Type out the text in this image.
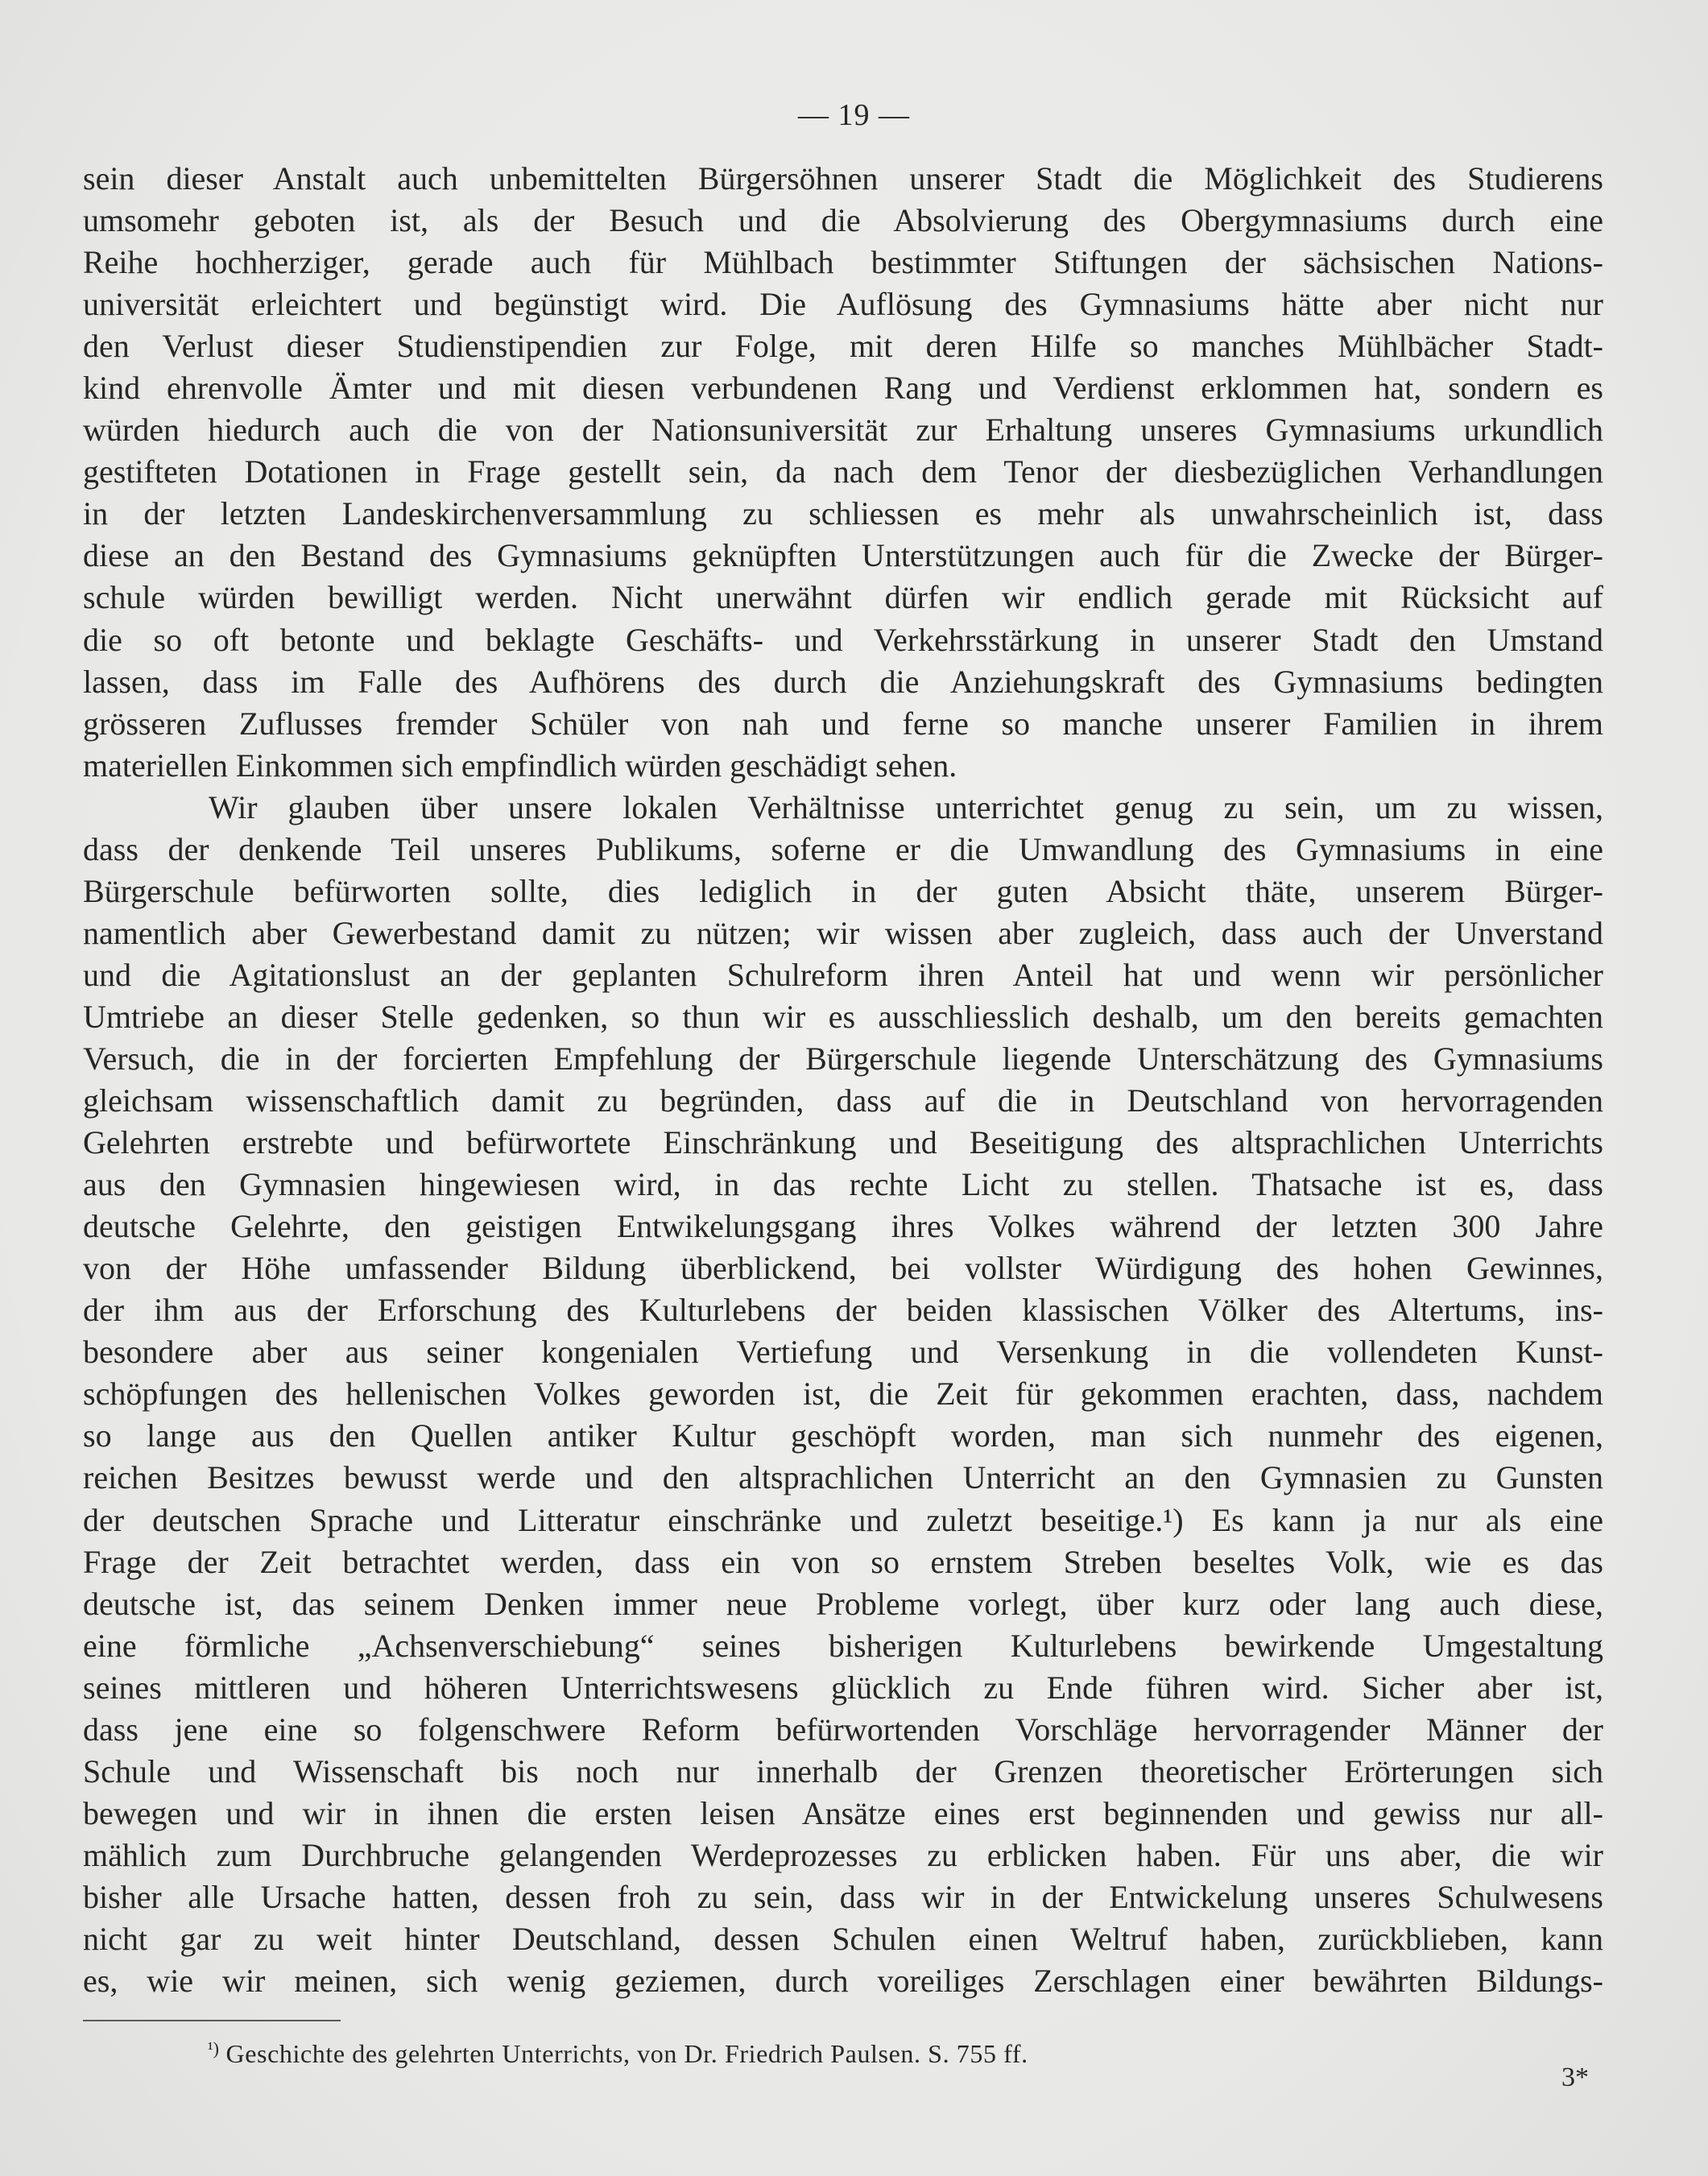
— 19 —
sein dieser Anstalt auch unbemittelten Bürgersöhnen unserer Stadt die Möglichkeit des Studierens
umsomehr geboten ist, als der Besuch und die Absolvierung des Obergymnasiums durch eine
Reihe hochherziger, gerade auch für Mühlbach bestimmter Stiftungen der sächsischen Nations-
universität erleichtert und begünstigt wird. Die Auflösung des Gymnasiums hätte aber nicht nur
den Verlust dieser Studienstipendien zur Folge, mit deren Hilfe so manches Mühlbächer Stadt-
kind ehrenvolle Ämter und mit diesen verbundenen Rang und Verdienst erklommen hat, sondern es
würden hiedurch auch die von der Nationsuniversität zur Erhaltung unseres Gymnasiums urkundlich
gestifteten Dotationen in Frage gestellt sein, da nach dem Tenor der diesbezüglichen Verhandlungen
in der letzten Landeskirchenversammlung zu schliessen es mehr als unwahrscheinlich ist, dass
diese an den Bestand des Gymnasiums geknüpften Unterstützungen auch für die Zwecke der Bürger-
schule würden bewilligt werden. Nicht unerwähnt dürfen wir endlich gerade mit Rücksicht auf
die so oft betonte und beklagte Geschäfts- und Verkehrsstärkung in unserer Stadt den Umstand
lassen, dass im Falle des Aufhörens des durch die Anziehungskraft des Gymnasiums bedingten
grösseren Zuflusses fremder Schüler von nah und ferne so manche unserer Familien in ihrem
materiellen Einkommen sich empfindlich würden geschädigt sehen.
Wir glauben über unsere lokalen Verhältnisse unterrichtet genug zu sein, um zu wissen,
dass der denkende Teil unseres Publikums, soferne er die Umwandlung des Gymnasiums in eine
Bürgerschule befürworten sollte, dies lediglich in der guten Absicht thäte, unserem Bürger-
namentlich aber Gewerbestand damit zu nützen; wir wissen aber zugleich, dass auch der Unverstand
und die Agitationslust an der geplanten Schulreform ihren Anteil hat und wenn wir persönlicher
Umtriebe an dieser Stelle gedenken, so thun wir es ausschliesslich deshalb, um den bereits gemachten
Versuch, die in der forcierten Empfehlung der Bürgerschule liegende Unterschätzung des Gymnasiums
gleichsam wissenschaftlich damit zu begründen, dass auf die in Deutschland von hervorragenden
Gelehrten erstrebte und befürwortete Einschränkung und Beseitigung des altsprachlichen Unterrichts
aus den Gymnasien hingewiesen wird, in das rechte Licht zu stellen. Thatsache ist es, dass
deutsche Gelehrte, den geistigen Entwikelungsgang ihres Volkes während der letzten 300 Jahre
von der Höhe umfassender Bildung überblickend, bei vollster Würdigung des hohen Gewinnes,
der ihm aus der Erforschung des Kulturlebens der beiden klassischen Völker des Altertums, ins-
besondere aber aus seiner kongenialen Vertiefung und Versenkung in die vollendeten Kunst-
schöpfungen des hellenischen Volkes geworden ist, die Zeit für gekommen erachten, dass, nachdem
so lange aus den Quellen antiker Kultur geschöpft worden, man sich nunmehr des eigenen,
reichen Besitzes bewusst werde und den altsprachlichen Unterricht an den Gymnasien zu Gunsten
der deutschen Sprache und Litteratur einschränke und zuletzt beseitige.¹) Es kann ja nur als eine
Frage der Zeit betrachtet werden, dass ein von so ernstem Streben beseltes Volk, wie es das
deutsche ist, das seinem Denken immer neue Probleme vorlegt, über kurz oder lang auch diese,
eine förmliche „Achsenverschiebung“ seines bisherigen Kulturlebens bewirkende Umgestaltung
seines mittleren und höheren Unterrichtswesens glücklich zu Ende führen wird. Sicher aber ist,
dass jene eine so folgenschwere Reform befürwortenden Vorschläge hervorragender Männer der
Schule und Wissenschaft bis noch nur innerhalb der Grenzen theoretischer Erörterungen sich
bewegen und wir in ihnen die ersten leisen Ansätze eines erst beginnenden und gewiss nur all-
mählich zum Durchbruche gelangenden Werdeprozesses zu erblicken haben. Für uns aber, die wir
bisher alle Ursache hatten, dessen froh zu sein, dass wir in der Entwickelung unseres Schulwesens
nicht gar zu weit hinter Deutschland, dessen Schulen einen Weltruf haben, zurückblieben, kann
es, wie wir meinen, sich wenig geziemen, durch voreiliges Zerschlagen einer bewährten Bildungs-
$^{^1)}$ Geschichte des gelehrten Unterrichts, von Dr. Friedrich Paulsen. S. 755 ff.
3*
